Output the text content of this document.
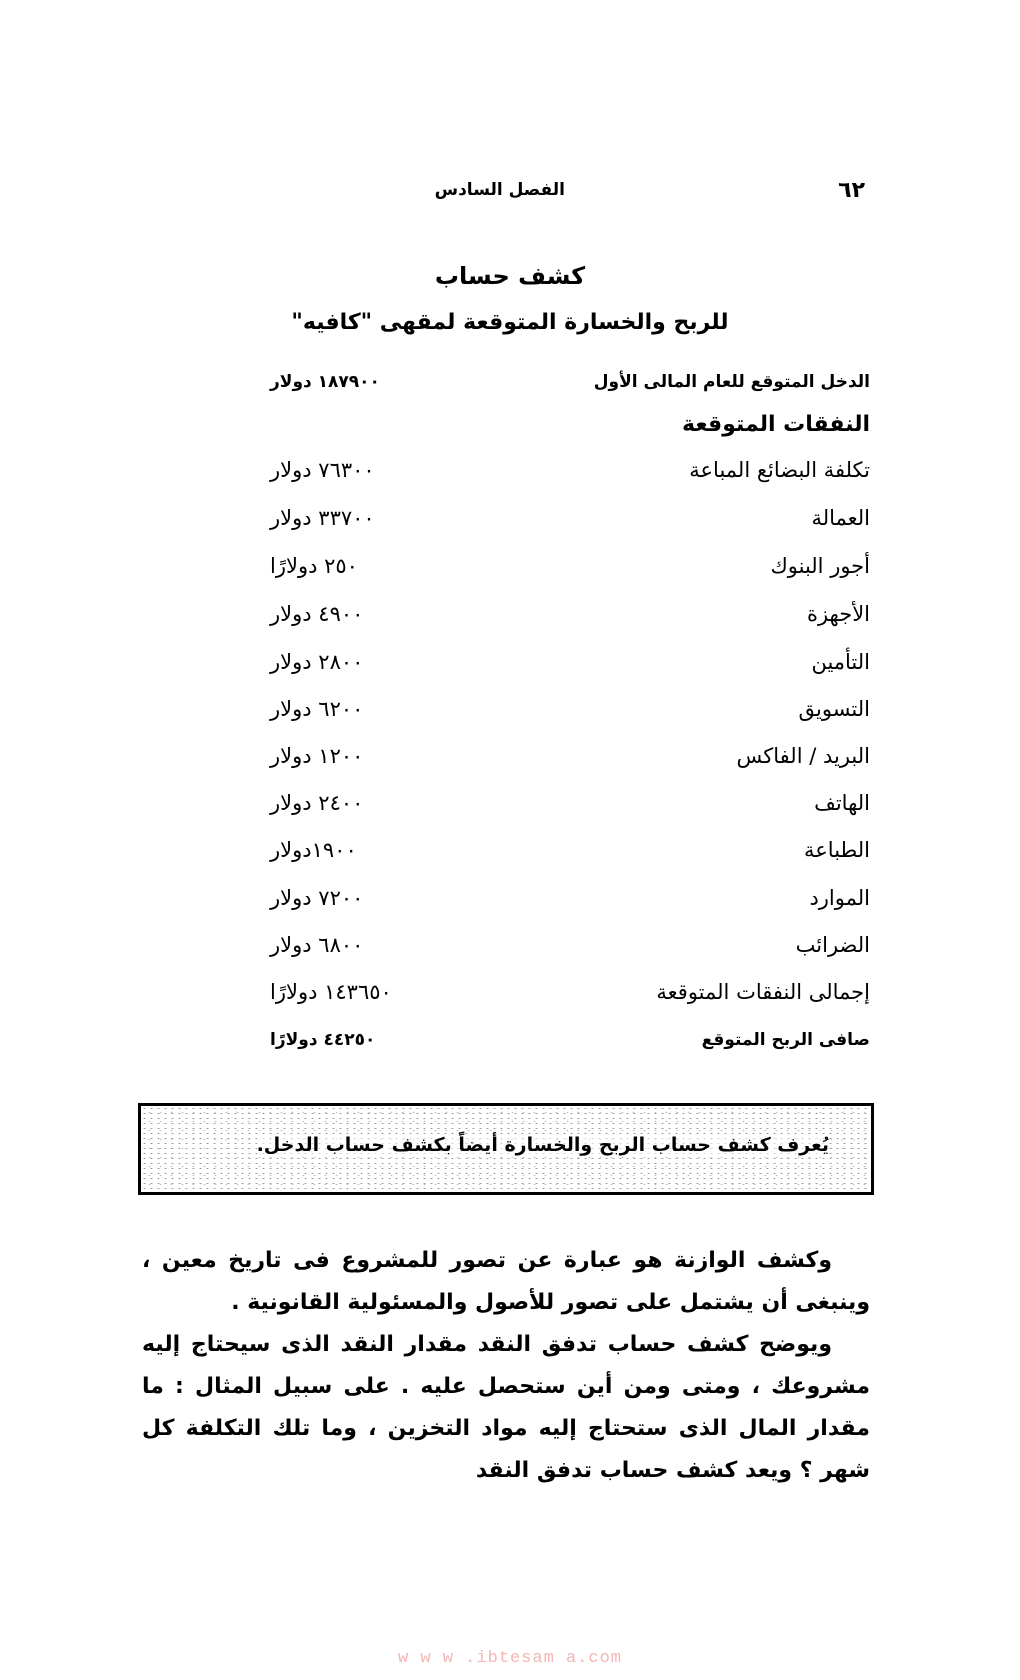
٦٢
الفصل السادس
كشف حساب
للربح والخسارة المتوقعة لمقهى "كافيه"
الدخل المتوقع للعام المالى الأول
١٨٧٩٠٠ دولار
النفقات المتوقعة
تكلفة البضائع المباعة
٧٦٣٠٠ دولار
العمالة
٣٣٧٠٠ دولار
أجور البنوك
٢٥٠ دولارًا
الأجهزة
٤٩٠٠ دولار
التأمين
٢٨٠٠ دولار
التسويق
٦٢٠٠ دولار
البريد / الفاكس
١٢٠٠ دولار
الهاتف
٢٤٠٠ دولار
الطباعة
١٩٠٠دولار
الموارد
٧٢٠٠ دولار
الضرائب
٦٨٠٠ دولار
إجمالى النفقات المتوقعة
١٤٣٦٥٠ دولارًا
صافى الربح المتوقع
٤٤٢٥٠ دولارًا
يُعرف كشف حساب الربح والخسارة أيضاً بكشف حساب الدخل.

وكشف الوازنة هو عبارة عن تصور للمشروع فى تاريخ معين ، وينبغى أن يشتمل على تصور للأصول والمسئولية القانونية .

ويوضح كشف حساب تدفق النقد مقدار النقد الذى سيحتاج إليه مشروعك ، ومتى ومن أين ستحصل عليه . على سبيل المثال : ما مقدار المال الذى ستحتاج إليه مواد التخزين ، وما تلك التكلفة كل شهر ؟ ويعد كشف حساب تدفق النقد

w w w .ibtesam a.com
